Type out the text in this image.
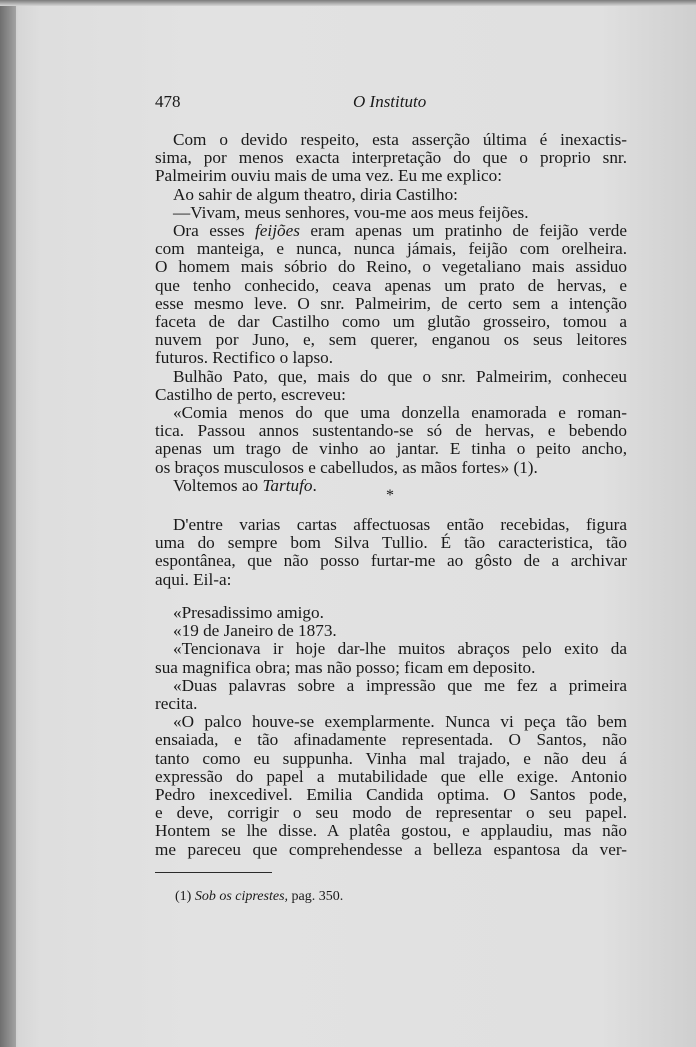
478	O Instituto
Com o devido respeito, esta asserção última é inexactis-
sima, por menos exacta interpretação do que o proprio snr.
Palmeirim ouviu mais de uma vez. Eu me explico:
Ao sahir de algum theatro, diria Castilho:
—Vivam, meus senhores, vou-me aos meus feijões.
Ora esses feijões eram apenas um pratinho de feijão verde
com manteiga, e nunca, nunca jámais, feijão com orelheira.
O homem mais sóbrio do Reino, o vegetaliano mais assiduo
que tenho conhecido, ceava apenas um prato de hervas, e
esse mesmo leve. O snr. Palmeirim, de certo sem a intenção
faceta de dar Castilho como um glutão grosseiro, tomou a
nuvem por Juno, e, sem querer, enganou os seus leitores
futuros. Rectifico o lapso.
Bulhão Pato, que, mais do que o snr. Palmeirim, conheceu
Castilho de perto, escreveu:
«Comia menos do que uma donzella enamorada e roman-
tica. Passou annos sustentando-se só de hervas, e bebendo
apenas um trago de vinho ao jantar. E tinha o peito ancho,
os braços musculosos e cabelludos, as mãos fortes» (1).
Voltemos ao Tartufo.
*
D'entre varias cartas affectuosas então recebidas, figura
uma do sempre bom Silva Tullio. É tão caracteristica, tão
espontânea, que não posso furtar-me ao gôsto de a archivar
aqui. Eil-a:
«Presadissimo amigo.
«19 de Janeiro de 1873.
«Tencionava ir hoje dar-lhe muitos abraços pelo exito da
sua magnifica obra; mas não posso; ficam em deposito.
«Duas palavras sobre a impressão que me fez a primeira
recita.
«O palco houve-se exemplarmente. Nunca vi peça tão bem
ensaiada, e tão afinadamente representada. O Santos, não
tanto como eu suppunha. Vinha mal trajado, e não deu á
expressão do papel a mutabilidade que elle exige. Antonio
Pedro inexcedivel. Emilia Candida optima. O Santos pode,
e deve, corrigir o seu modo de representar o seu papel.
Hontem se lhe disse. A platêa gostou, e applaudiu, mas não
me pareceu que comprehendesse a belleza espantosa da ver-
(1) Sob os ciprestes, pag. 350.
